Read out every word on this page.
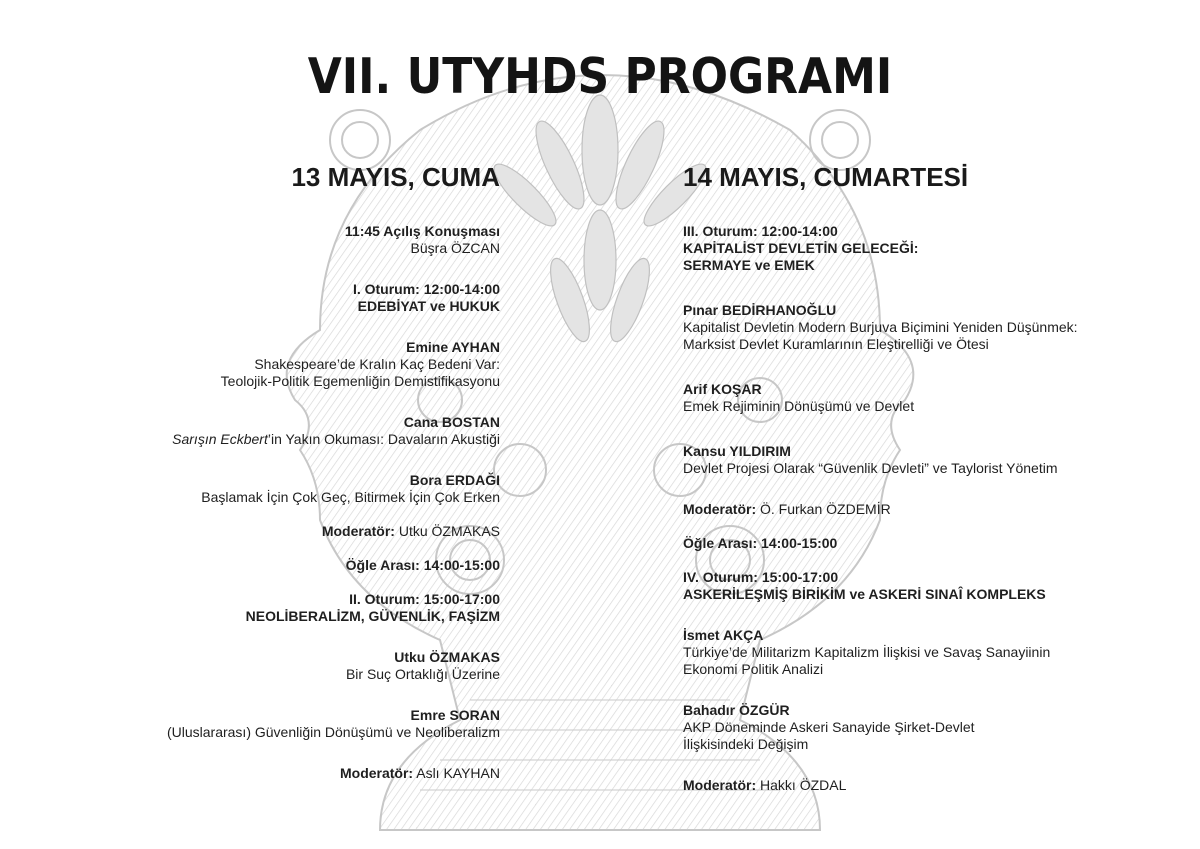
VII. UTYHDS PROGRAMI
13 MAYIS, CUMA	14 MAYIS, CUMARTESİ
11:45 Açılış Konuşması
Büşra ÖZCAN
I. Oturum: 12:00-14:00
EDEBİYAT ve HUKUK
Emine AYHAN
Shakespeare’de Kralın Kaç Bedeni Var:
Teolojik-Politik Egemenliğin Demistifikasyonu
Cana BOSTAN
Sarışın Eckbert’in Yakın Okuması: Davaların Akustiği
Bora ERDAĞI
Başlamak İçin Çok Geç, Bitirmek İçin Çok Erken
Moderatör: Utku ÖZMAKAS
Öğle Arası: 14:00-15:00
II. Oturum: 15:00-17:00
NEOLİBERALİZM, GÜVENLİK, FAŞİZM
Utku ÖZMAKAS
Bir Suç Ortaklığı Üzerine
Emre SORAN
(Uluslararası) Güvenliğin Dönüşümü ve Neoliberalizm
Moderatör: Aslı KAYHAN
III. Oturum: 12:00-14:00
KAPİTALİST DEVLETİN GELECEĞİ:
SERMAYE ve EMEK
Pınar BEDİRHANOĞLU
Kapitalist Devletin Modern Burjuva Biçimini Yeniden Düşünmek:
Marksist Devlet Kuramlarının Eleştirelliği ve Ötesi
Arif KOŞAR
Emek Rejiminin Dönüşümü ve Devlet
Kansu YILDIRIM
Devlet Projesi Olarak “Güvenlik Devleti” ve Taylorist Yönetim
Moderatör: Ö. Furkan ÖZDEMİR
Öğle Arası: 14:00-15:00
IV. Oturum: 15:00-17:00
ASKERİLEŞMİŞ BİRİKİM ve ASKERİ SINAÎ KOMPLEKS
İsmet AKÇA
Türkiye’de Militarizm Kapitalizm İlişkisi ve Savaş Sanayiinin
Ekonomi Politik Analizi
Bahadır ÖZGÜR
AKP Döneminde Askeri Sanayide Şirket-Devlet
İlişkisindeki Değişim
Moderatör: Hakkı ÖZDAL
